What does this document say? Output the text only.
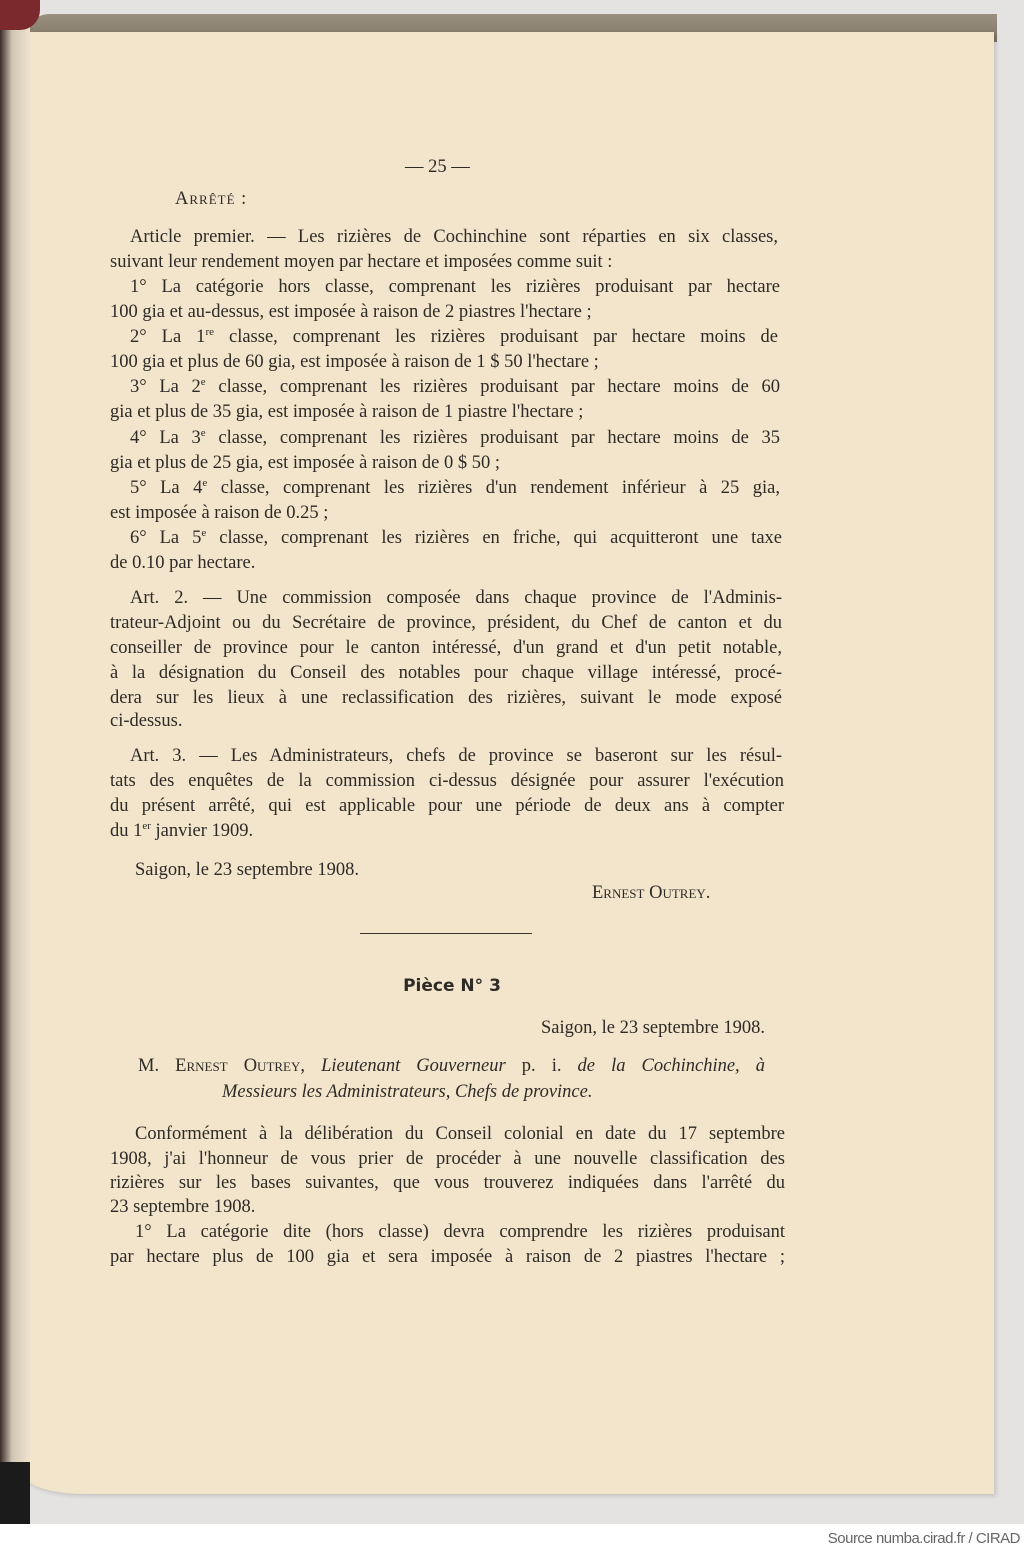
— 25 —
Arrêté :
Article premier. — Les rizières de Cochinchine sont réparties en six classes,
suivant leur rendement moyen par hectare et imposées comme suit :
1° La catégorie hors classe, comprenant les rizières produisant par hectare
100 gia et au-dessus, est imposée à raison de 2 piastres l'hectare ;
2° La 1re classe, comprenant les rizières produisant par hectare moins de
100 gia et plus de 60 gia, est imposée à raison de 1 $ 50 l'hectare ;
3° La 2e classe, comprenant les rizières produisant par hectare moins de 60
gia et plus de 35 gia, est imposée à raison de 1 piastre l'hectare ;
4° La 3e classe, comprenant les rizières produisant par hectare moins de 35
gia et plus de 25 gia, est imposée à raison de 0 $ 50 ;
5° La 4e classe, comprenant les rizières d'un rendement inférieur à 25 gia,
est imposée à raison de 0.25 ;
6° La 5e classe, comprenant les rizières en friche, qui acquitteront une taxe
de 0.10 par hectare.
Art. 2. — Une commission composée dans chaque province de l'Adminis-
trateur-Adjoint ou du Secrétaire de province, président, du Chef de canton et du
conseiller de province pour le canton intéressé, d'un grand et d'un petit notable,
à la désignation du Conseil des notables pour chaque village intéressé, procé-
dera sur les lieux à une reclassification des rizières, suivant le mode exposé
ci-dessus.
Art. 3. — Les Administrateurs, chefs de province se baseront sur les résul-
tats des enquêtes de la commission ci-dessus désignée pour assurer l'exécution
du présent arrêté, qui est applicable pour une période de deux ans à compter
du 1er janvier 1909.
Saigon, le 23 septembre 1908.
Ernest Outrey.
Pièce N° 3
Saigon, le 23 septembre 1908.
M. Ernest Outrey, Lieutenant Gouverneur p. i. de la Cochinchine, à
Messieurs les Administrateurs, Chefs de province.
Conformément à la délibération du Conseil colonial en date du 17 septembre
1908, j'ai l'honneur de vous prier de procéder à une nouvelle classification des
rizières sur les bases suivantes, que vous trouverez indiquées dans l'arrêté du
23 septembre 1908.
1° La catégorie dite (hors classe) devra comprendre les rizières produisant
par hectare plus de 100 gia et sera imposée à raison de 2 piastres l'hectare ;
Source numba.cirad.fr / CIRAD
